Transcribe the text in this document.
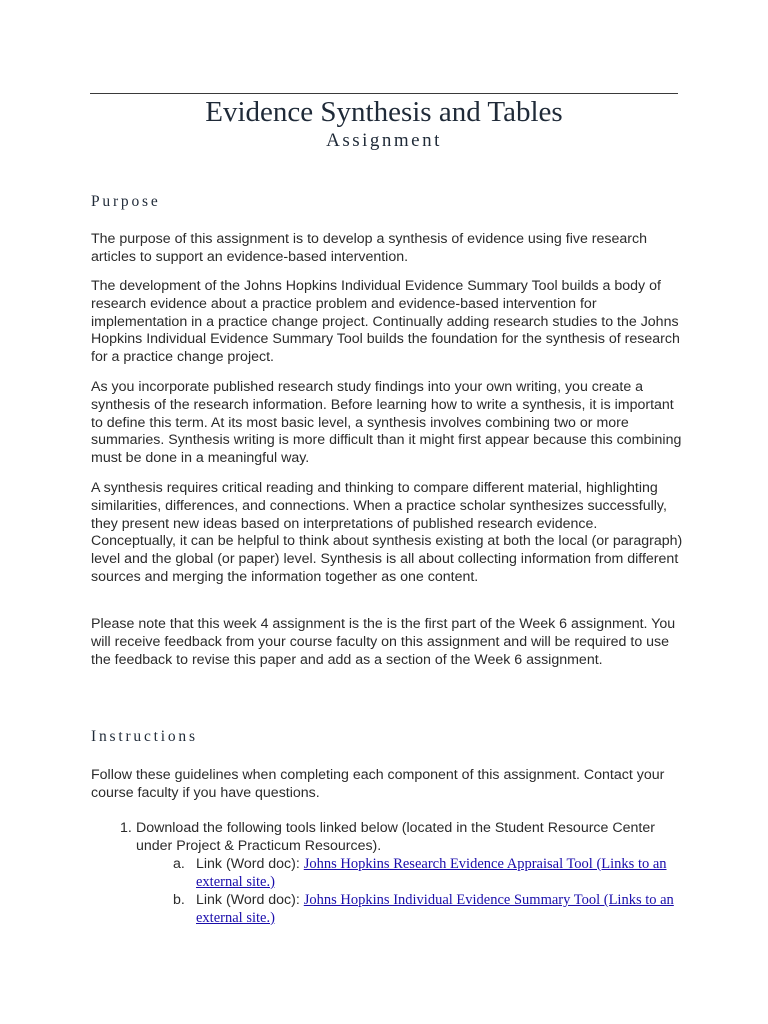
Evidence Synthesis and Tables
Assignment
Purpose

The purpose of this assignment is to develop a synthesis of evidence using five research articles to support an evidence-based intervention.

The development of the Johns Hopkins Individual Evidence Summary Tool builds a body of research evidence about a practice problem and evidence-based intervention for implementation in a practice change project. Continually adding research studies to the Johns Hopkins Individual Evidence Summary Tool builds the foundation for the synthesis of research for a practice change project.

As you incorporate published research study findings into your own writing, you create a synthesis of the research information. Before learning how to write a synthesis, it is important to define this term. At its most basic level, a synthesis involves combining two or more summaries. Synthesis writing is more difficult than it might first appear because this combining must be done in a meaningful way.

A synthesis requires critical reading and thinking to compare different material, highlighting similarities, differences, and connections. When a practice scholar synthesizes successfully, they present new ideas based on interpretations of published research evidence. Conceptually, it can be helpful to think about synthesis existing at both the local (or paragraph) level and the global (or paper) level. Synthesis is all about collecting information from different sources and merging the information together as one content.

Please note that this week 4 assignment is the is the first part of the Week 6 assignment. You will receive feedback from your course faculty on this assignment and will be required to use the feedback to revise this paper and add as a section of the Week 6 assignment.

Instructions

Follow these guidelines when completing each component of this assignment. Contact your course faculty if you have questions.

1. Download the following tools linked below (located in the Student Resource Center under Project & Practicum Resources).
a. Link (Word doc): Johns Hopkins Research Evidence Appraisal Tool (Links to an external site.)
b. Link (Word doc): Johns Hopkins Individual Evidence Summary Tool (Links to an external site.)
